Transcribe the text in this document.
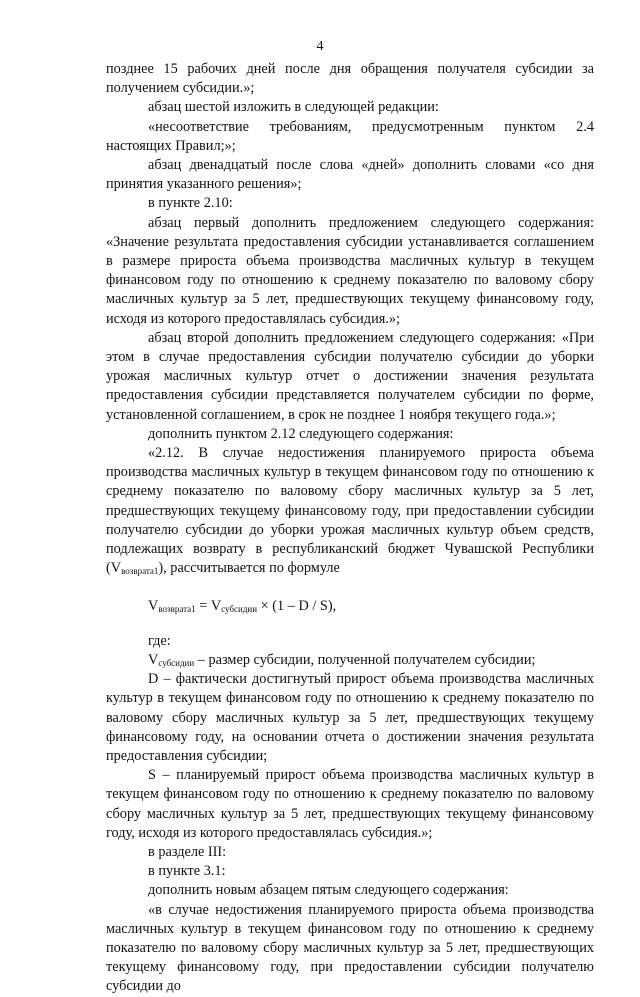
4

позднее 15 рабочих дней после дня обращения получателя субсидии за получением субсидии.»;

абзац шестой изложить в следующей редакции:

«несоответствие требованиям, предусмотренным пунктом 2.4 настоящих Правил;»;

абзац двенадцатый после слова «дней» дополнить словами «со дня принятия указанного решения»;

в пункте 2.10:

абзац первый дополнить предложением следующего содержания: «Значение результата предоставления субсидии устанавливается соглашением в размере прироста объема производства масличных культур в текущем финансовом году по отношению к среднему показателю по валовому сбору масличных культур за 5 лет, предшествующих текущему финансовому году, исходя из которого предоставлялась субсидия.»;

абзац второй дополнить предложением следующего содержания: «При этом в случае предоставления субсидии получателю субсидии до уборки урожая масличных культур отчет о достижении значения результата предоставления субсидии представляется получателем субсидии по форме, установленной соглашением, в срок не позднее 1 ноября текущего года.»;

дополнить пунктом 2.12 следующего содержания:

«2.12. В случае недостижения планируемого прироста объема производства масличных культур в текущем финансовом году по отношению к среднему показателю по валовому сбору масличных культур за 5 лет, предшествующих текущему финансовому году, при предоставлении субсидии получателю субсидии до уборки урожая масличных культур объем средств, подлежащих возврату в республиканский бюджет Чувашской Республики $(V_{возврата1})$, рассчитывается по формуле

$V_{возврата1} = V_{субсидии} \times (1 - D / S)$,

где:

$V_{субсидии}$ – размер субсидии, полученной получателем субсидии;

D – фактически достигнутый прирост объема производства масличных культур в текущем финансовом году по отношению к среднему показателю по валовому сбору масличных культур за 5 лет, предшествующих текущему финансовому году, на основании отчета о достижении значения результата предоставления субсидии;

S – планируемый прирост объема производства масличных культур в текущем финансовом году по отношению к среднему показателю по валовому сбору масличных культур за 5 лет, предшествующих текущему финансовому году, исходя из которого предоставлялась субсидия.»;

в разделе III:

в пункте 3.1:

дополнить новым абзацем пятым следующего содержания:

«в случае недостижения планируемого прироста объема производства масличных культур в текущем финансовом году по отношению к среднему показателю по валовому сбору масличных культур за 5 лет, предшествующих текущему финансовому году, при предоставлении субсидии получателю субсидии до
